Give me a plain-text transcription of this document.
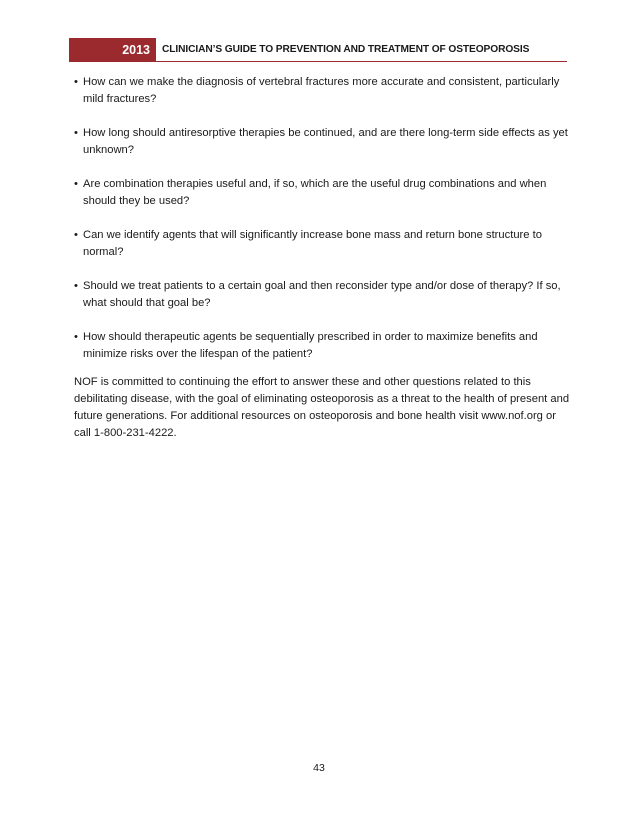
2013	CLINICIAN’S GUIDE TO PREVENTION AND TREATMENT OF OSTEOPOROSIS
• How can we make the diagnosis of vertebral fractures more accurate and consistent, particularly mild fractures?
• How long should antiresorptive therapies be continued, and are there long-term side effects as yet unknown?
• Are combination therapies useful and, if so, which are the useful drug combinations and when should they be used?
• Can we identify agents that will significantly increase bone mass and return bone structure to normal?
• Should we treat patients to a certain goal and then reconsider type and/or dose of therapy? If so, what should that goal be?
• How should therapeutic agents be sequentially prescribed in order to maximize benefits and minimize risks over the lifespan of the patient?

NOF is committed to continuing the effort to answer these and other questions related to this debilitating disease, with the goal of eliminating osteoporosis as a threat to the health of present and future generations. For additional resources on osteoporosis and bone health visit www.nof.org or call 1-800-231-4222.

43
